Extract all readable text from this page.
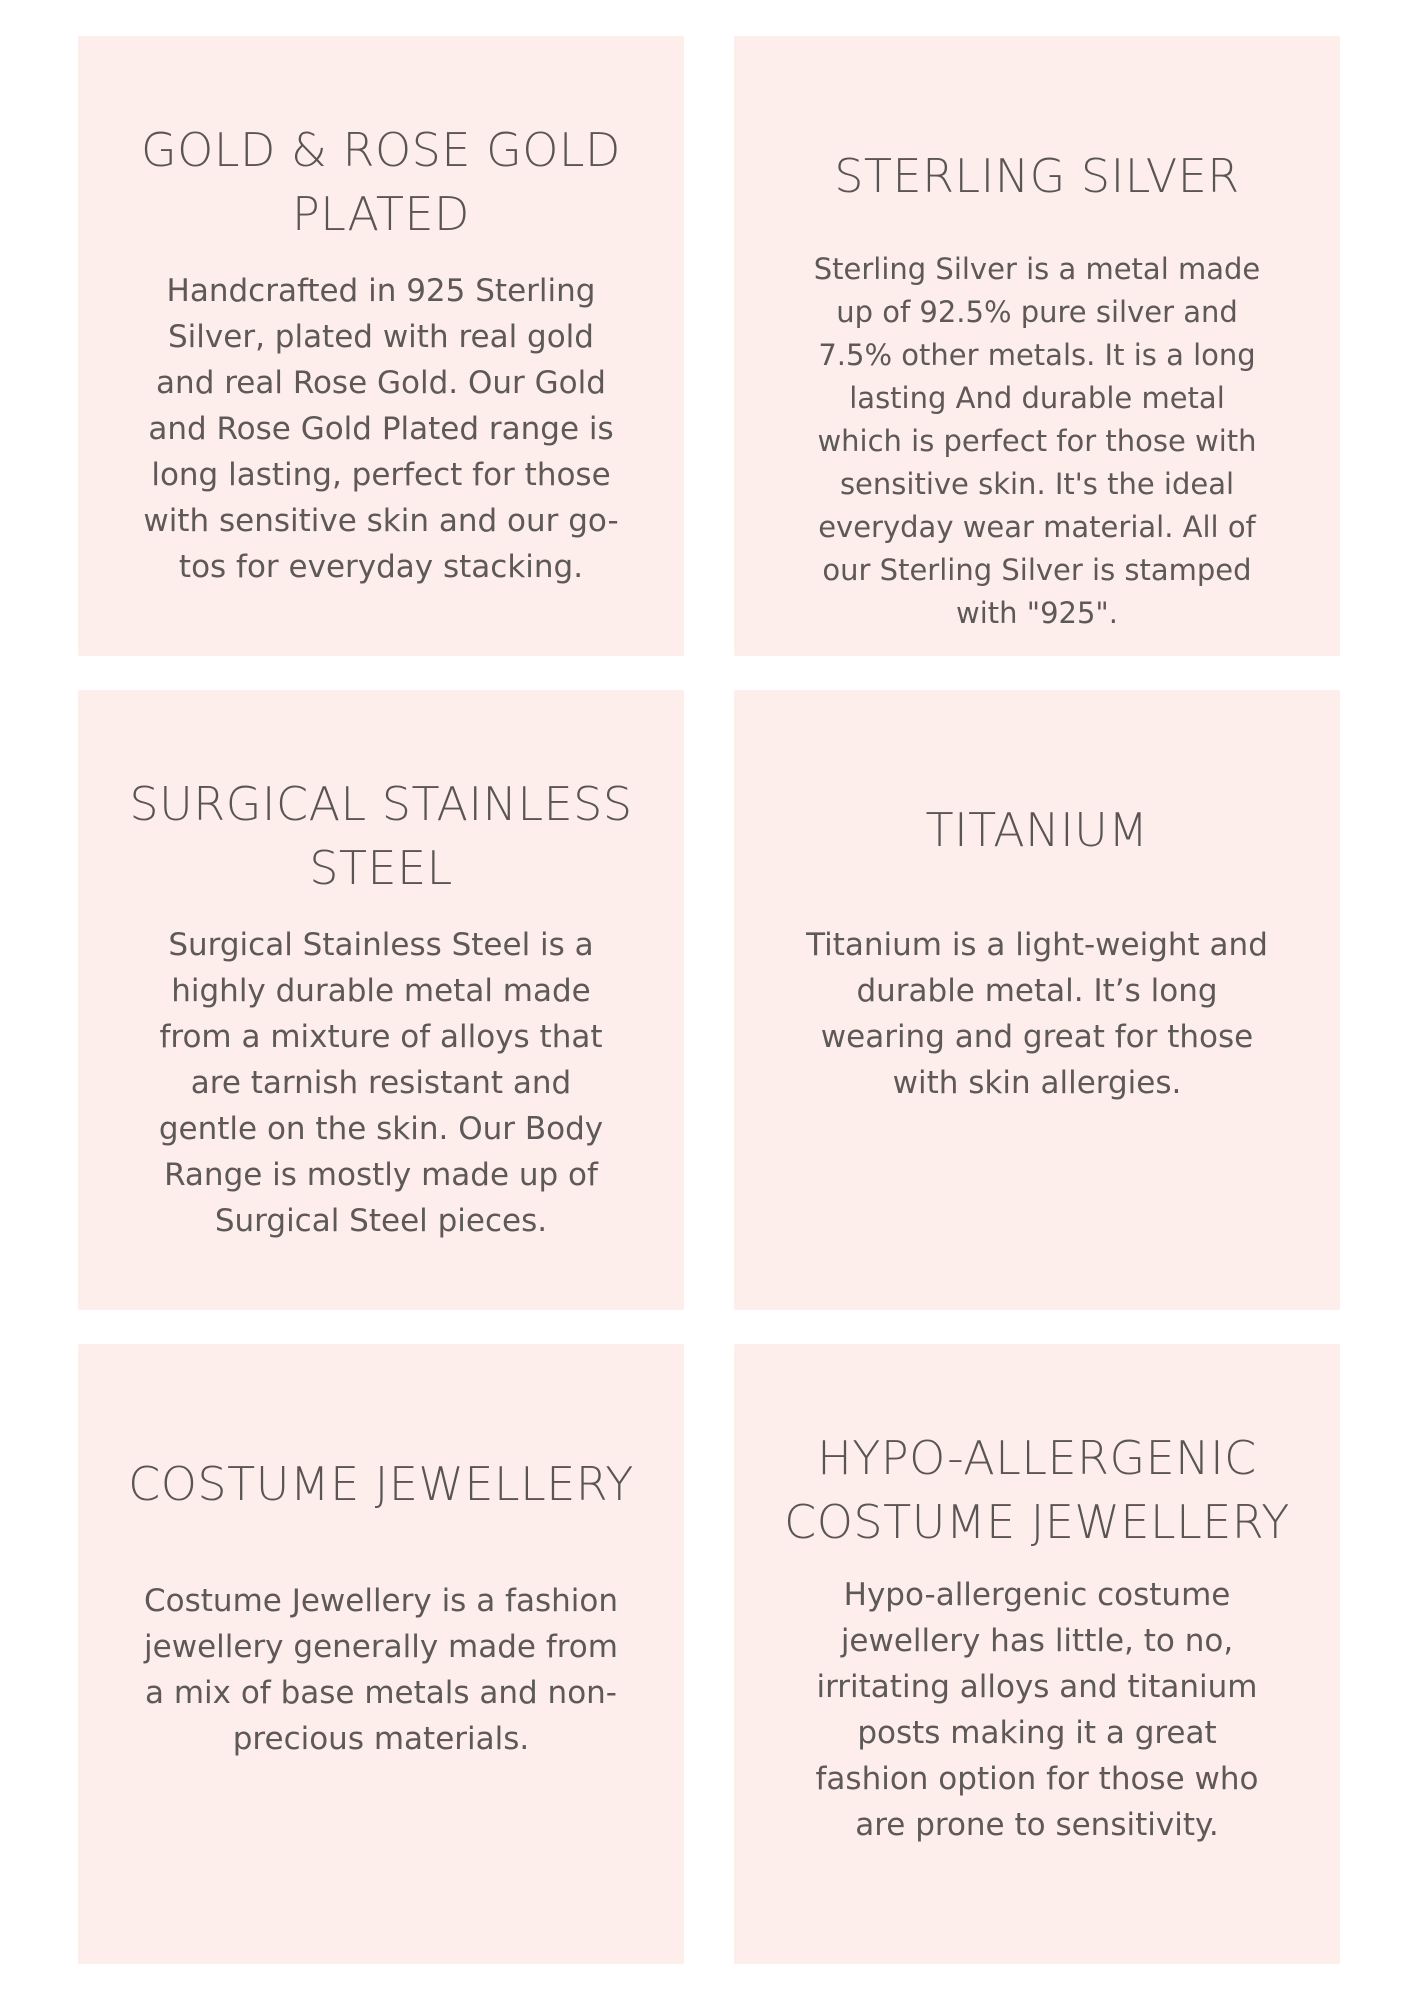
GOLD & ROSE GOLD PLATED

Handcrafted in 925 Sterling Silver, plated with real gold and real Rose Gold. Our Gold and Rose Gold Plated range is long lasting, perfect for those with sensitive skin and our go-tos for everyday stacking.

STERLING SILVER

Sterling Silver is a metal made up of 92.5% pure silver and 7.5% other metals. It is a long lasting And durable metal which is perfect for those with sensitive skin. It's the ideal everyday wear material. All of our Sterling Silver is stamped with "925".

SURGICAL STAINLESS STEEL

Surgical Stainless Steel is a highly durable metal made from a mixture of alloys that are tarnish resistant and gentle on the skin. Our Body Range is mostly made up of Surgical Steel pieces.

TITANIUM

Titanium is a light-weight and durable metal. It’s long wearing and great for those with skin allergies.

COSTUME JEWELLERY

Costume Jewellery is a fashion jewellery generally made from a mix of base metals and non-precious materials.

HYPO-ALLERGENIC COSTUME JEWELLERY

Hypo-allergenic costume jewellery has little, to no, irritating alloys and titanium posts making it a great fashion option for those who are prone to sensitivity.
